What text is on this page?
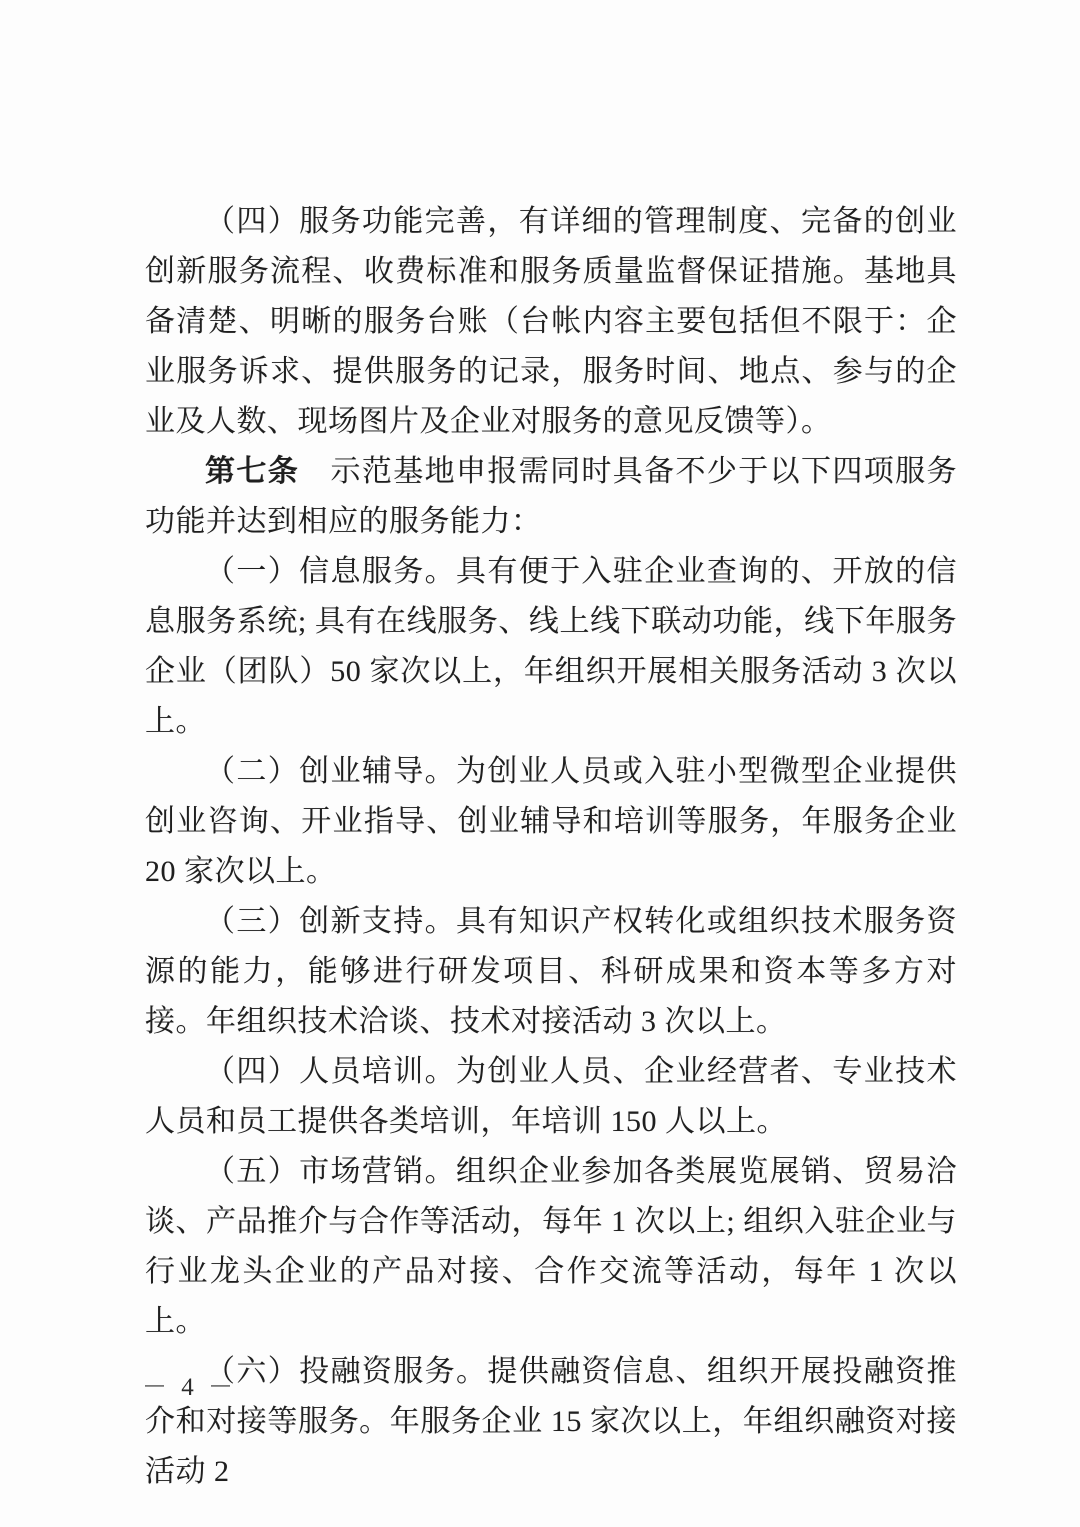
（四）服务功能完善，有详细的管理制度、完备的创业创新服务流程、收费标准和服务质量监督保证措施。基地具备清楚、明晰的服务台账（台帐内容主要包括但不限于：企业服务诉求、提供服务的记录，服务时间、地点、参与的企业及人数、现场图片及企业对服务的意见反馈等）。

第七条　示范基地申报需同时具备不少于以下四项服务功能并达到相应的服务能力：

（一）信息服务。具有便于入驻企业查询的、开放的信息服务系统; 具有在线服务、线上线下联动功能，线下年服务企业（团队）50 家次以上，年组织开展相关服务活动 3 次以上。

（二）创业辅导。为创业人员或入驻小型微型企业提供创业咨询、开业指导、创业辅导和培训等服务，年服务企业 20 家次以上。

（三）创新支持。具有知识产权转化或组织技术服务资源的能力，能够进行研发项目、科研成果和资本等多方对接。年组织技术洽谈、技术对接活动 3 次以上。

（四）人员培训。为创业人员、企业经营者、专业技术人员和员工提供各类培训，年培训 150 人以上。

（五）市场营销。组织企业参加各类展览展销、贸易洽谈、产品推介与合作等活动，每年 1 次以上; 组织入驻企业与行业龙头企业的产品对接、合作交流等活动，每年 1 次以上。

（六）投融资服务。提供融资信息、组织开展投融资推介和对接等服务。年服务企业 15 家次以上，年组织融资对接活动 2

－ 4 －
